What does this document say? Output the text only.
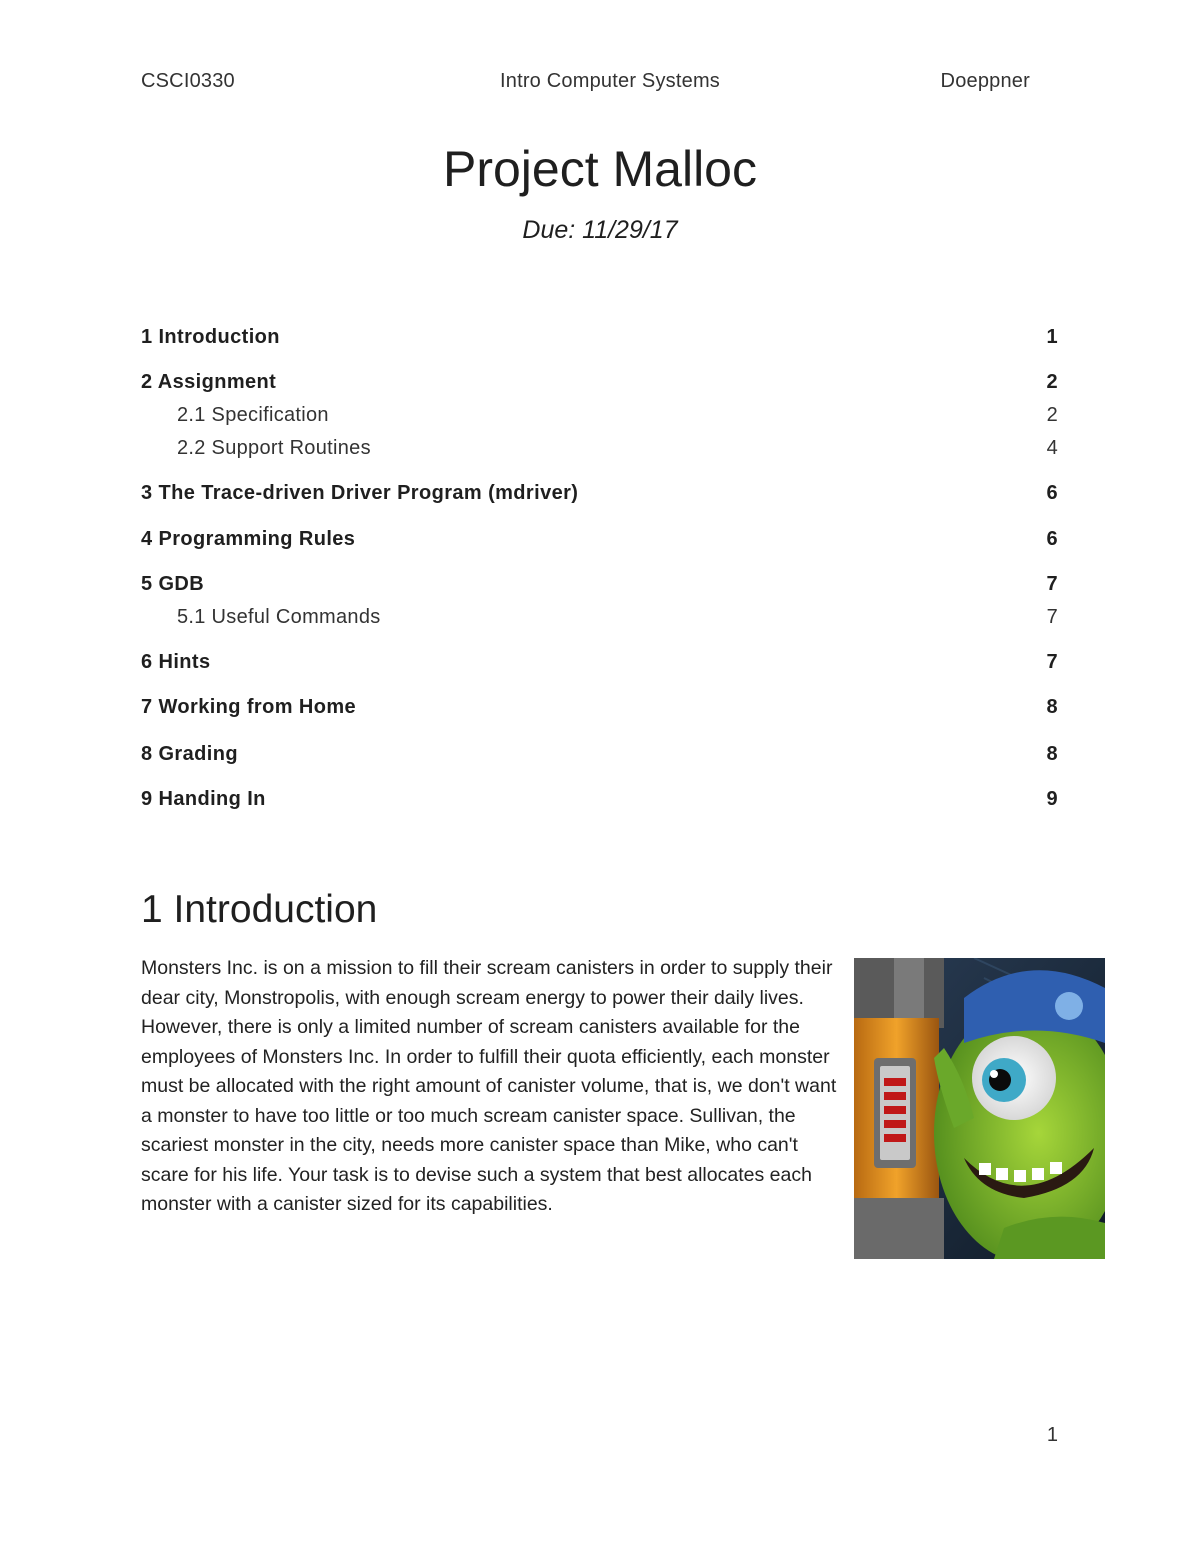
CSCI0330	Intro Computer Systems	Doeppner
Project Malloc
Due: 11/29/17
1 Introduction	1
2 Assignment	2
2.1 Specification	2
2.2 Support Routines	4
3 The Trace-driven Driver Program (mdriver)	6
4 Programming Rules	6
5 GDB	7
5.1 Useful Commands	7
6 Hints	7
7 Working from Home	8
8 Grading	8
9 Handing In	9
1 Introduction

Monsters Inc. is on a mission to fill their scream canisters in order to supply their dear city, Monstropolis, with enough scream energy to power their daily lives. However, there is only a limited number of scream canisters available for the employees of Monsters Inc. In order to fulfill their quota efficiently, each monster must be allocated with the right amount of canister volume, that is, we don't want a monster to have too little or too much scream canister space. Sullivan, the scariest monster in the city, needs more canister space than Mike, who can't scare for his life. Your task is to devise such a system that best allocates each monster with a canister sized for its capabilities.

1
